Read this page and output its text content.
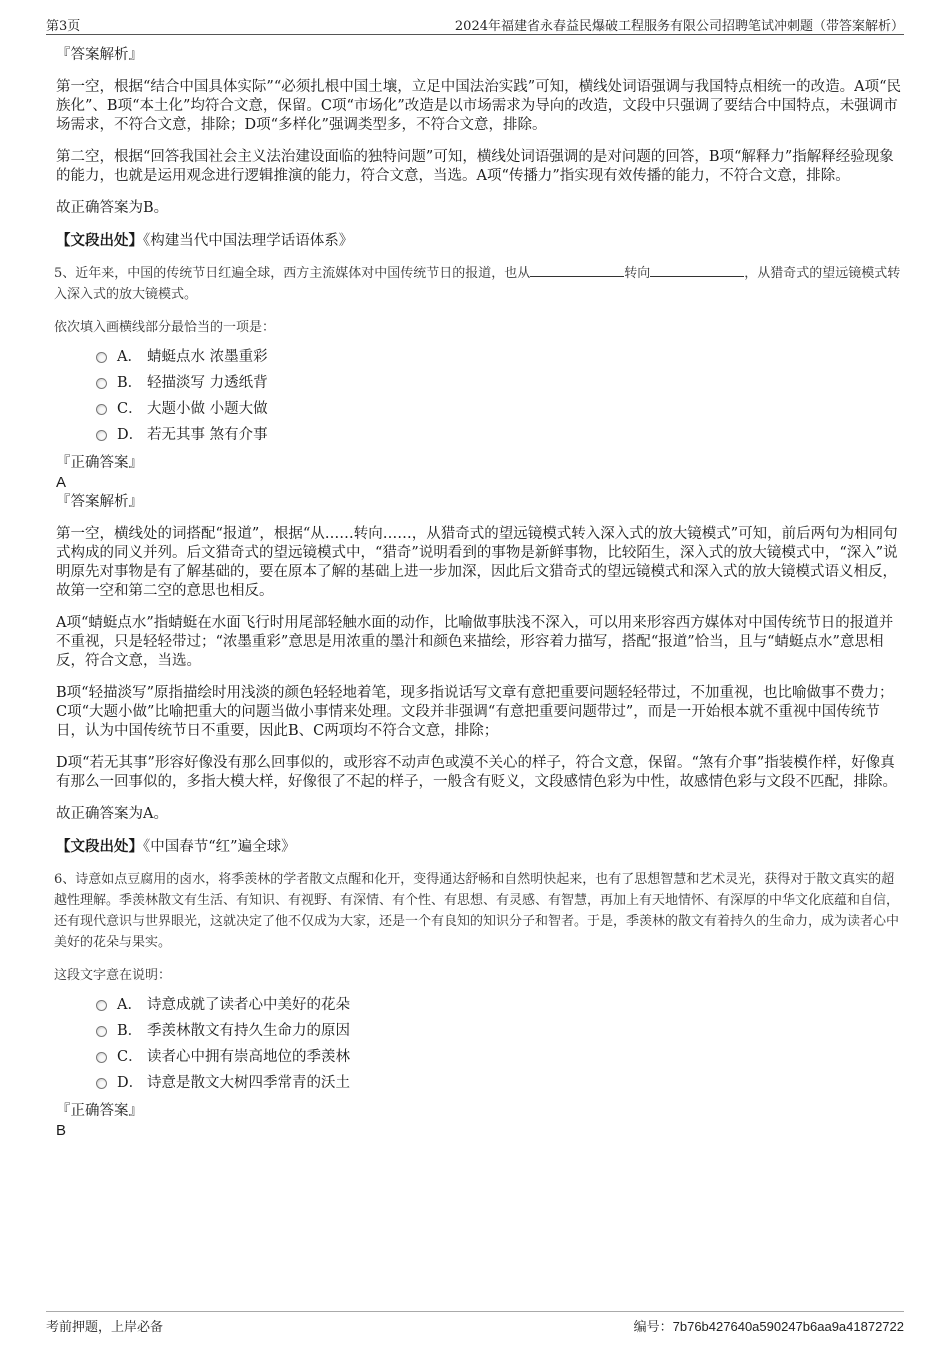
第3页	2024年福建省永春益民爆破工程服务有限公司招聘笔试冲刺题（带答案解析）

『答案解析』

第一空，根据“结合中国具体实际”“必须扎根中国土壤，立足中国法治实践”可知，横线处词语强调与我国特点相统一的改造。A项“民族化”、B项“本土化”均符合文意，保留。C项“市场化”改造是以市场需求为导向的改造，文段中只强调了要结合中国特点，未强调市场需求，不符合文意，排除；D项“多样化”强调类型多，不符合文意，排除。

第二空，根据“回答我国社会主义法治建设面临的独特问题”可知，横线处词语强调的是对问题的回答，B项“解释力”指解释经验现象的能力，也就是运用观念进行逻辑推演的能力，符合文意，当选。A项“传播力”指实现有效传播的能力，不符合文意，排除。

故正确答案为B。

【文段出处】《构建当代中国法理学话语体系》

5、近年来，中国的传统节日红遍全球，西方主流媒体对中国传统节日的报道，也从	转向	，从猎奇式的望远镜模式转入深入式的放大镜模式。

依次填入画横线部分最恰当的一项是：

A． 蜻蜓点水 浓墨重彩
B． 轻描淡写 力透纸背
C． 大题小做 小题大做
D． 若无其事 煞有介事

『正确答案』

A

『答案解析』

第一空，横线处的词搭配“报道”，根据“从……转向……，从猎奇式的望远镜模式转入深入式的放大镜模式”可知，前后两句为相同句式构成的同义并列。后文猎奇式的望远镜模式中，“猎奇”说明看到的事物是新鲜事物，比较陌生，深入式的放大镜模式中，“深入”说明原先对事物是有了解基础的，要在原本了解的基础上进一步加深，因此后文猎奇式的望远镜模式和深入式的放大镜模式语义相反，故第一空和第二空的意思也相反。

A项“蜻蜓点水”指蜻蜓在水面飞行时用尾部轻触水面的动作，比喻做事肤浅不深入，可以用来形容西方媒体对中国传统节日的报道并不重视，只是轻轻带过；“浓墨重彩”意思是用浓重的墨汁和颜色来描绘，形容着力描写，搭配“报道”恰当，且与“蜻蜓点水”意思相反，符合文意，当选。

B项“轻描淡写”原指描绘时用浅淡的颜色轻轻地着笔，现多指说话写文章有意把重要问题轻轻带过，不加重视，也比喻做事不费力；C项“大题小做”比喻把重大的问题当做小事情来处理。文段并非强调“有意把重要问题带过”，而是一开始根本就不重视中国传统节日，认为中国传统节日不重要，因此B、C两项均不符合文意，排除；

D项“若无其事”形容好像没有那么回事似的，或形容不动声色或漠不关心的样子，符合文意，保留。“煞有介事”指装模作样，好像真有那么一回事似的，多指大模大样，好像很了不起的样子，一般含有贬义，文段感情色彩为中性，故感情色彩与文段不匹配，排除。

故正确答案为A。

【文段出处】《中国春节“红”遍全球》

6、诗意如点豆腐用的卤水，将季羡林的学者散文点醒和化开，变得通达舒畅和自然明快起来，也有了思想智慧和艺术灵光，获得对于散文真实的超越性理解。季羡林散文有生活、有知识、有视野、有深情、有个性、有思想、有灵感、有智慧，再加上有天地情怀、有深厚的中华文化底蕴和自信，还有现代意识与世界眼光，这就决定了他不仅成为大家，还是一个有良知的知识分子和智者。于是，季羡林的散文有着持久的生命力，成为读者心中美好的花朵与果实。

这段文字意在说明：

A． 诗意成就了读者心中美好的花朵
B． 季羡林散文有持久生命力的原因
C． 读者心中拥有崇高地位的季羡林
D． 诗意是散文大树四季常青的沃土

『正确答案』

B

考前押题，上岸必备	编号：7b76b427640a590247b6aa9a41872722
